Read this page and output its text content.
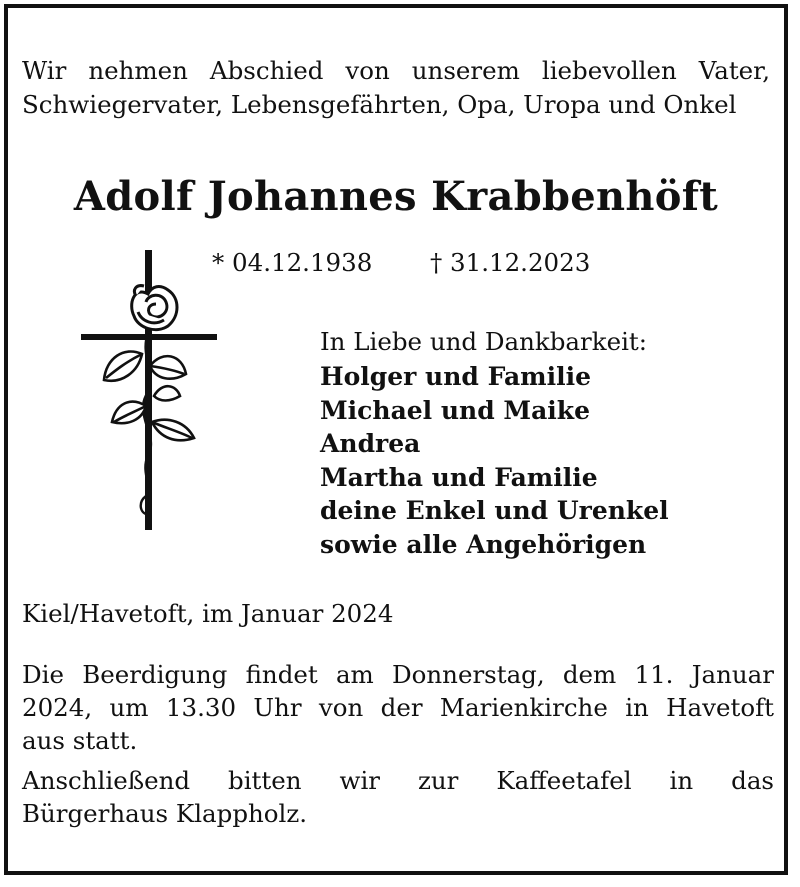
Wir nehmen Abschied von unserem liebevollen Vater,
Schwiegervater, Lebensgefährten, Opa, Uropa und Onkel
Adolf Johannes Krabbenhöft
* 04.12.1938 † 31.12.2023
In Liebe und Dankbarkeit:
Holger und Familie
Michael und Maike
Andrea
Martha und Familie
deine Enkel und Urenkel
sowie alle Angehörigen
Kiel/Havetoft, im Januar 2024
Die Beerdigung findet am Donnerstag, dem 11. Januar
2024, um 13.30 Uhr von der Marienkirche in Havetoft
aus statt.
Anschließend bitten wir zur Kaffeetafel in das
Bürgerhaus Klappholz.
